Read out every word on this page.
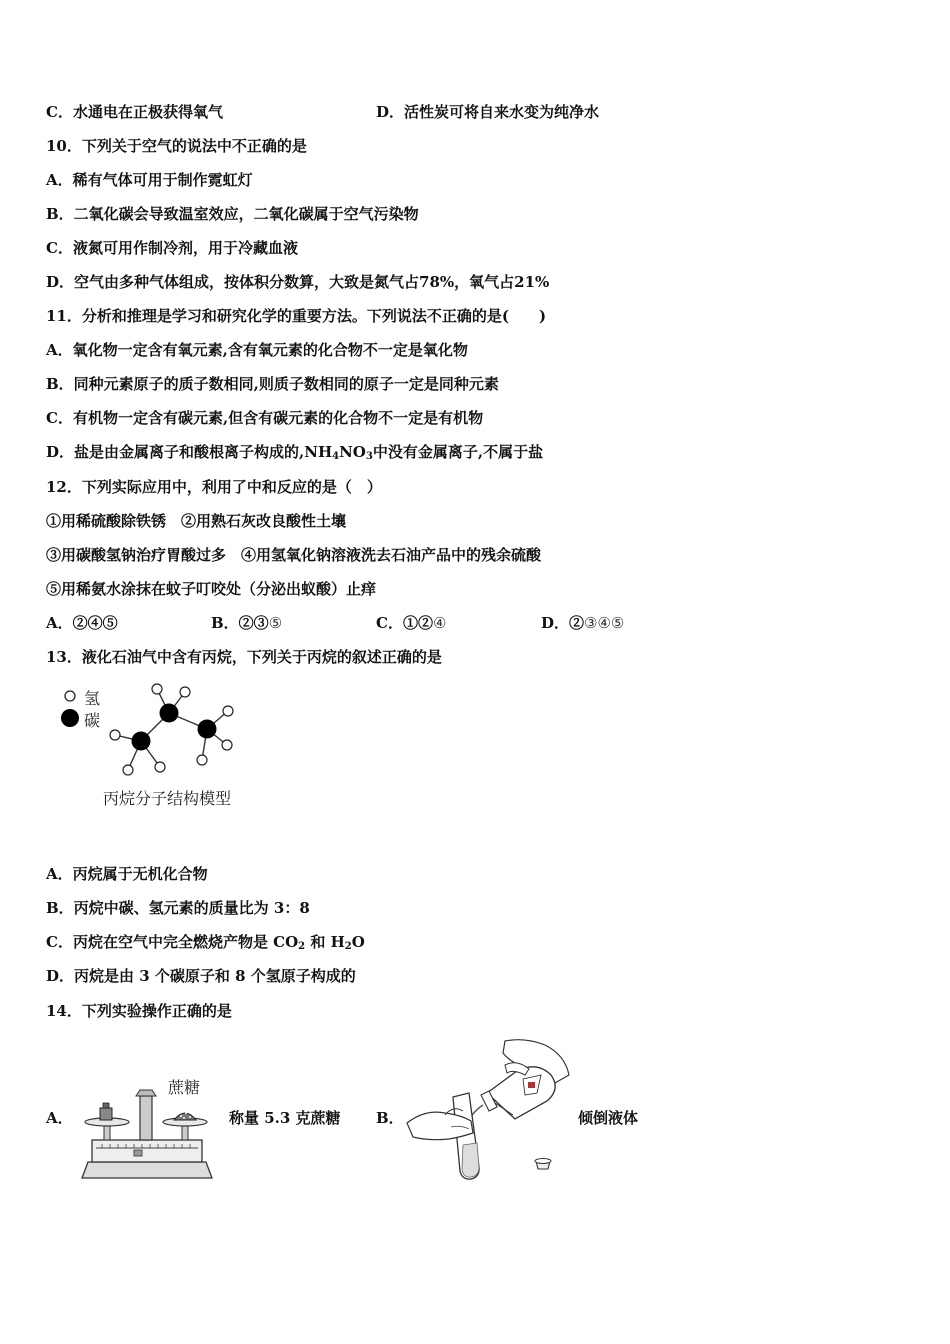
C．水通电在正极获得氧气	D．活性炭可将自来水变为纯净水
10．下列关于空气的说法中不正确的是
A．稀有气体可用于制作霓虹灯
B．二氧化碳会导致温室效应，二氧化碳属于空气污染物
C．液氮可用作制冷剂，用于冷藏血液
D．空气由多种气体组成，按体积分数算，大致是氮气占78%，氧气占21%
11．分析和推理是学习和研究化学的重要方法。下列说法不正确的是(　　)
A．氧化物一定含有氧元素,含有氧元素的化合物不一定是氧化物
B．同种元素原子的质子数相同,则质子数相同的原子一定是同种元素
C．有机物一定含有碳元素,但含有碳元素的化合物不一定是有机物
D．盐是由金属离子和酸根离子构成的$,NH_4NO_3$中没有金属离子,不属于盐
12．下列实际应用中，利用了中和反应的是（　）
①用稀硫酸除铁锈　②用熟石灰改良酸性土壤
③用碳酸氢钠治疗胃酸过多　④用氢氧化钠溶液洗去石油产品中的残余硫酸
⑤用稀氨水涂抹在蚊子叮咬处（分泌出蚁酸）止痒
A．②④⑤	B．②③⑤	C．①②④	D．②③④⑤
13．液化石油气中含有丙烷，下列关于丙烷的叙述正确的是
氢
碳
丙烷分子结构模型
A．丙烷属于无机化合物
B．丙烷中碳、氢元素的质量比为 3：8
C．丙烷在空气中完全燃烧产物是 $CO_2$ 和 $H_2O$
D．丙烷是由 3 个碳原子和 8 个氢原子构成的
14．下列实验操作正确的是
A．
蔗糖
称量 5.3 克蔗糖 B．	倾倒液体
